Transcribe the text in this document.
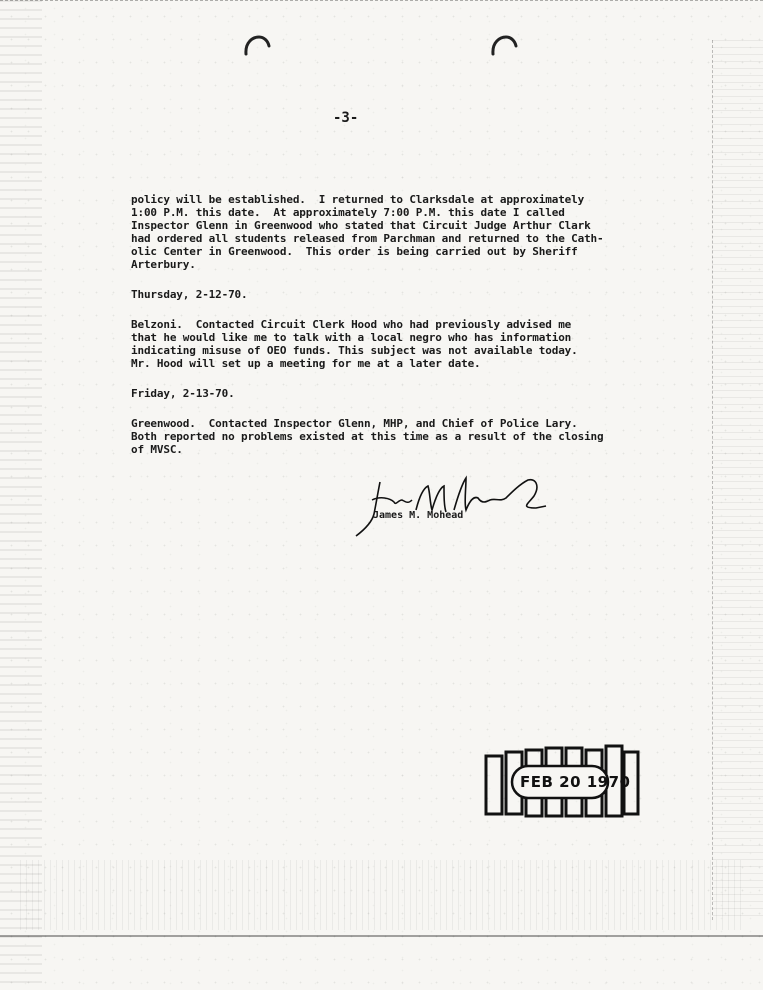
-3-
policy will be established.  I returned to Clarksdale at approximately
1:00 P.M. this date.  At approximately 7:00 P.M. this date I called
Inspector Glenn in Greenwood who stated that Circuit Judge Arthur Clark
had ordered all students released from Parchman and returned to the Cath-
olic Center in Greenwood.  This order is being carried out by Sheriff
Arterbury.
Thursday, 2-12-70.
Belzoni.  Contacted Circuit Clerk Hood who had previously advised me
that he would like me to talk with a local negro who has information
indicating misuse of OEO funds. This subject was not available today.
Mr. Hood will set up a meeting for me at a later date.
Friday, 2-13-70.
Greenwood.  Contacted Inspector Glenn, MHP, and Chief of Police Lary.
Both reported no problems existed at this time as a result of the closing
of MVSC.
James M. Mohead
FEB 20 1970
